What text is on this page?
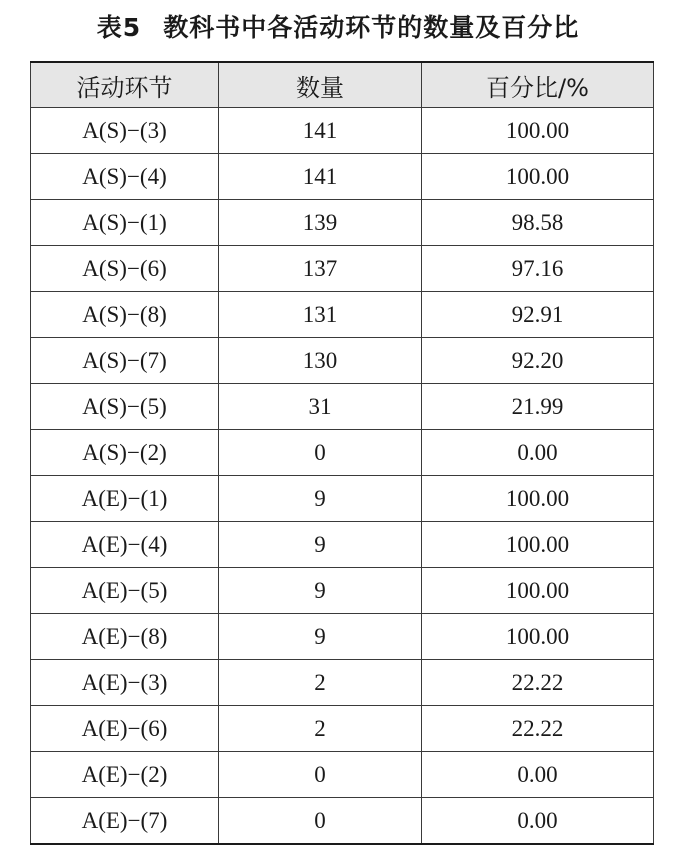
表5 教科书中各活动环节的数量及百分比
活动环节	数量	百分比/%
A(S)−(3)	141	100.00
A(S)−(4)	141	100.00
A(S)−(1)	139	98.58
A(S)−(6)	137	97.16
A(S)−(8)	131	92.91
A(S)−(7)	130	92.20
A(S)−(5)	31	21.99
A(S)−(2)	0	0.00
A(E)−(1)	9	100.00
A(E)−(4)	9	100.00
A(E)−(5)	9	100.00
A(E)−(8)	9	100.00
A(E)−(3)	2	22.22
A(E)−(6)	2	22.22
A(E)−(2)	0	0.00
A(E)−(7)	0	0.00
